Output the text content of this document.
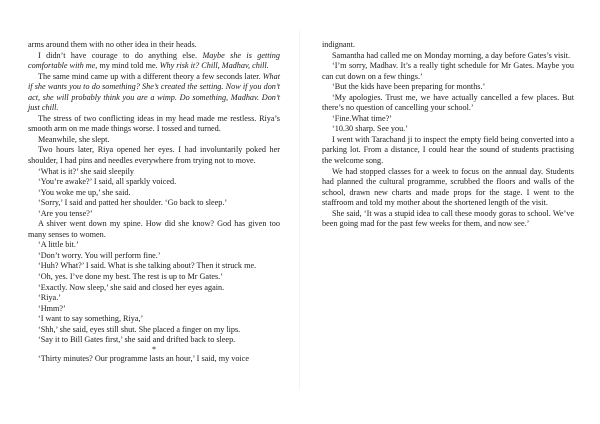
arms around them with no other idea in their heads.

I didn’t have courage to do anything else. Maybe she is getting comfortable with me, my mind told me. Why risk it? Chill, Madhav, chill.

The same mind came up with a different theory a few seconds later. What if she wants you to do something? She’s created the setting. Now if you don’t act, she will probably think you are a wimp. Do something, Madhav. Don’t just chill.

The stress of two conflicting ideas in my head made me restless. Riya’s smooth arm on me made things worse. I tossed and turned.

Meanwhile, she slept.

Two hours later, Riya opened her eyes. I had involuntarily poked her shoulder, I had pins and needles everywhere from trying not to move.

‘What is it?’ she said sleepily

‘You’re awake?’ I said, all sparkly voiced.

‘You woke me up,’ she said.

‘Sorry,’ I said and patted her shoulder. ‘Go back to sleep.’

‘Are you tense?’

A shiver went down my spine. How did she know? God has given too many senses to women.

‘A little bit.’

‘Don’t worry. You will perform fine.’

‘Huh? What?’ I said. What is she talking about? Then it struck me.

‘Oh, yes. I’ve done my best. The rest is up to Mr Gates.’

‘Exactly. Now sleep,’ she said and closed her eyes again.

‘Riya.’

‘Hmm?’

‘I want to say something, Riya,’

‘Shh,’ she said, eyes still shut. She placed a finger on my lips.

‘Say it to Bill Gates first,’ she said and drifted back to sleep.

*

‘Thirty minutes? Our programme lasts an hour,’ I said, my voice

indignant.

Samantha had called me on Monday morning, a day before Gates’s visit.

‘I’m sorry, Madhav. It’s a really tight schedule for Mr Gates. Maybe you can cut down on a few things.’

‘But the kids have been preparing for months.’

‘My apologies. Trust me, we have actually cancelled a few places. But there’s no question of cancelling your school.’

‘Fine.What time?’

‘10.30 sharp. See you.’

I went with Tarachand ji to inspect the empty field being converted into a parking lot. From a distance, I could hear the sound of students practising the welcome song.

We had stopped classes for a week to focus on the annual day. Students had planned the cultural programme, scrubbed the floors and walls of the school, drawn new charts and made props for the stage. I went to the staffroom and told my mother about the shortened length of the visit.

She said, ‘It was a stupid idea to call these moody goras to school. We’ve been going mad for the past few weeks for them, and now see.’
